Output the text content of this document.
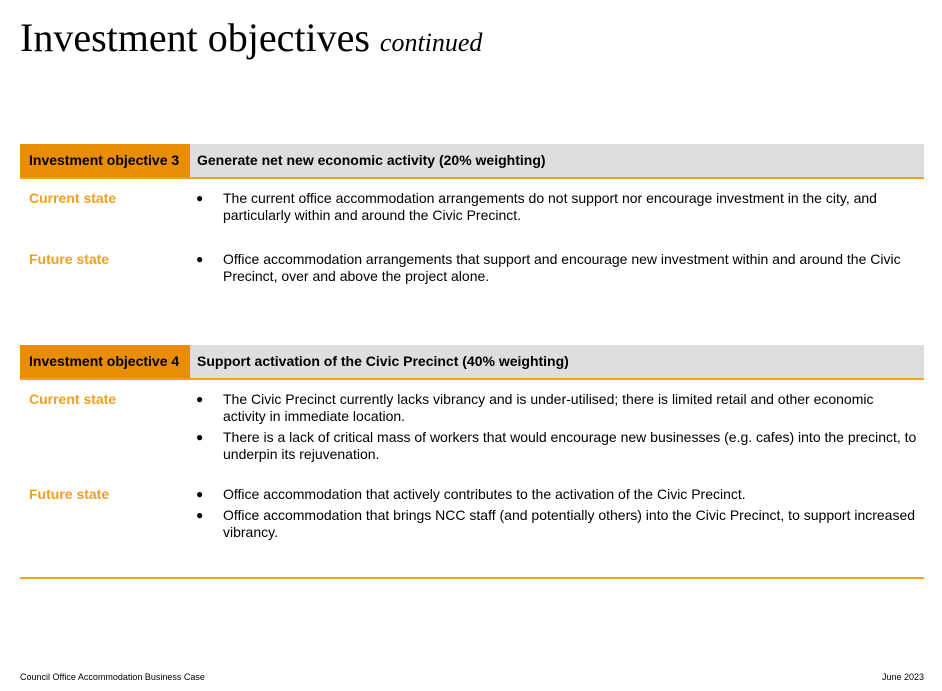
Investment objectives continued
Investment objective 3	Generate net new economic activity (20% weighting)
Current state	● The current office accommodation arrangements do not support nor encourage investment in the city, and particularly within and around the Civic Precinct.
Future state	● Office accommodation arrangements that support and encourage new investment within and around the Civic Precinct, over and above the project alone.
Investment objective 4	Support activation of the Civic Precinct (40% weighting)
Current state	● The Civic Precinct currently lacks vibrancy and is under-utilised; there is limited retail and other economic activity in immediate location.
● There is a lack of critical mass of workers that would encourage new businesses (e.g. cafes) into the precinct, to underpin its rejuvenation.
Future state	● Office accommodation that actively contributes to the activation of the Civic Precinct.
● Office accommodation that brings NCC staff (and potentially others) into the Civic Precinct, to support increased vibrancy.
Council Office Accommodation Business Case	June 2023
